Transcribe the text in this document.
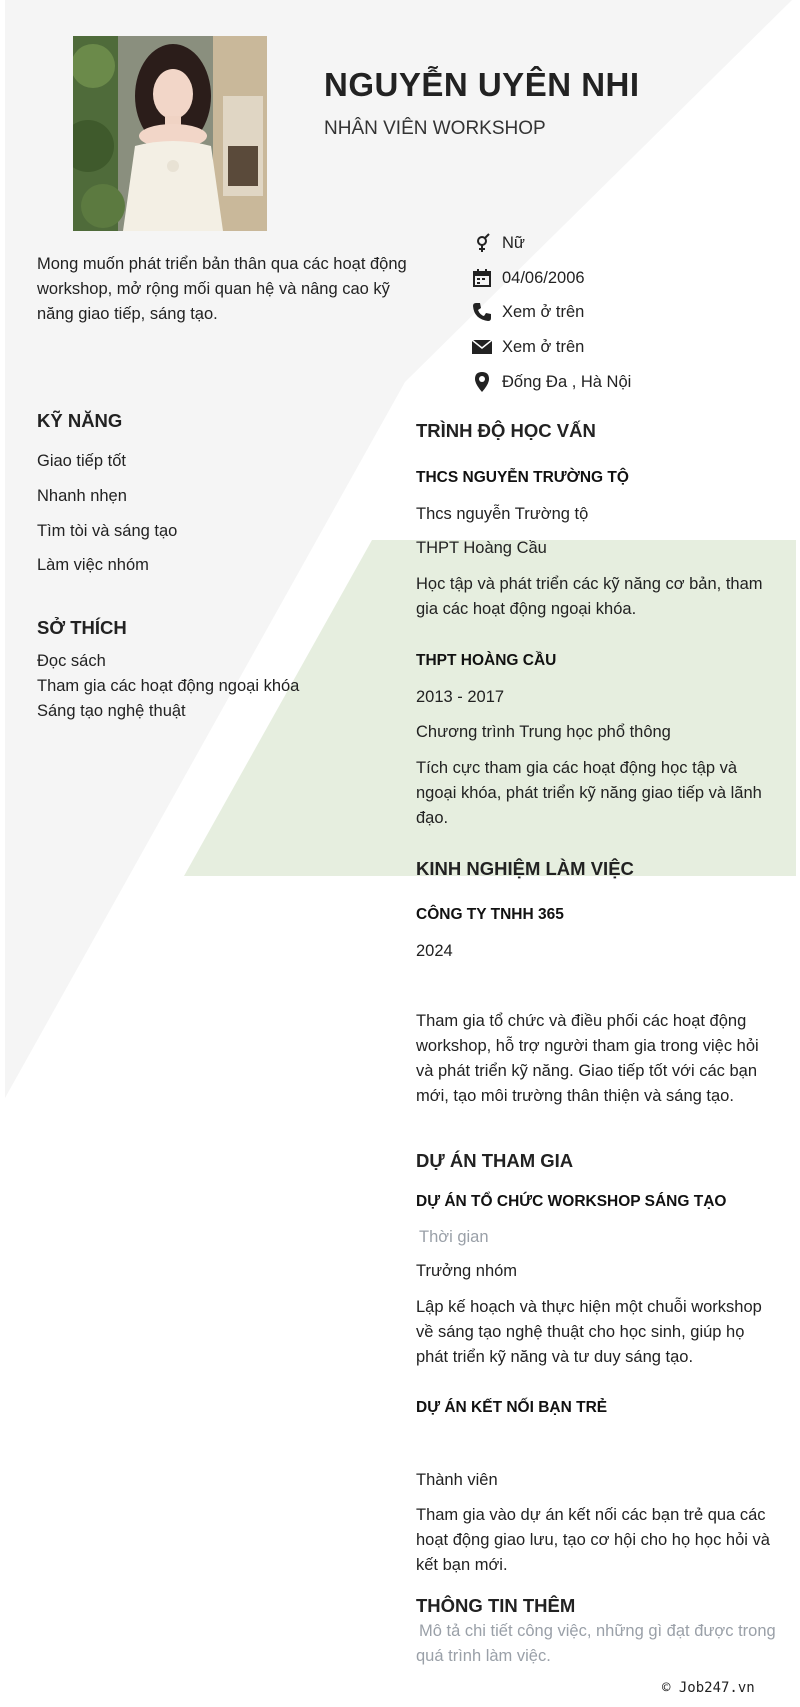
NGUYỄN UYÊN NHI
NHÂN VIÊN WORKSHOP
Mong muốn phát triển bản thân qua các hoạt động workshop, mở rộng mối quan hệ và nâng cao kỹ năng giao tiếp, sáng tạo.
Nữ
04/06/2006
Xem ở trên
Xem ở trên
Đống Đa , Hà Nội
KỸ NĂNG
Giao tiếp tốt
Nhanh nhẹn
Tìm tòi và sáng tạo
Làm việc nhóm
SỞ THÍCH
Đọc sách
Tham gia các hoạt động ngoại khóa
Sáng tạo nghệ thuật
TRÌNH ĐỘ HỌC VẤN
THCS NGUYỄN TRƯỜNG TỘ
Thcs nguyễn Trường tộ
THPT Hoàng Cầu
Học tập và phát triển các kỹ năng cơ bản, tham gia các hoạt động ngoại khóa.
THPT HOÀNG CẦU
2013 - 2017
Chương trình Trung học phổ thông
Tích cực tham gia các hoạt động học tập và ngoại khóa, phát triển kỹ năng giao tiếp và lãnh đạo.
KINH NGHIỆM LÀM VIỆC
CÔNG TY TNHH 365
2024
Tham gia tổ chức và điều phối các hoạt động workshop, hỗ trợ người tham gia trong việc hỏi và phát triển kỹ năng. Giao tiếp tốt với các bạn mới, tạo môi trường thân thiện và sáng tạo.
DỰ ÁN THAM GIA
DỰ ÁN TỔ CHỨC WORKSHOP SÁNG TẠO
Thời gian
Trưởng nhóm
Lập kế hoạch và thực hiện một chuỗi workshop về sáng tạo nghệ thuật cho học sinh, giúp họ phát triển kỹ năng và tư duy sáng tạo.
DỰ ÁN KẾT NỐI BẠN TRẺ
Thành viên
Tham gia vào dự án kết nối các bạn trẻ qua các hoạt động giao lưu, tạo cơ hội cho họ học hỏi và kết bạn mới.
THÔNG TIN THÊM
Mô tả chi tiết công việc, những gì đạt được trong quá trình làm việc.
© Job247.vn
